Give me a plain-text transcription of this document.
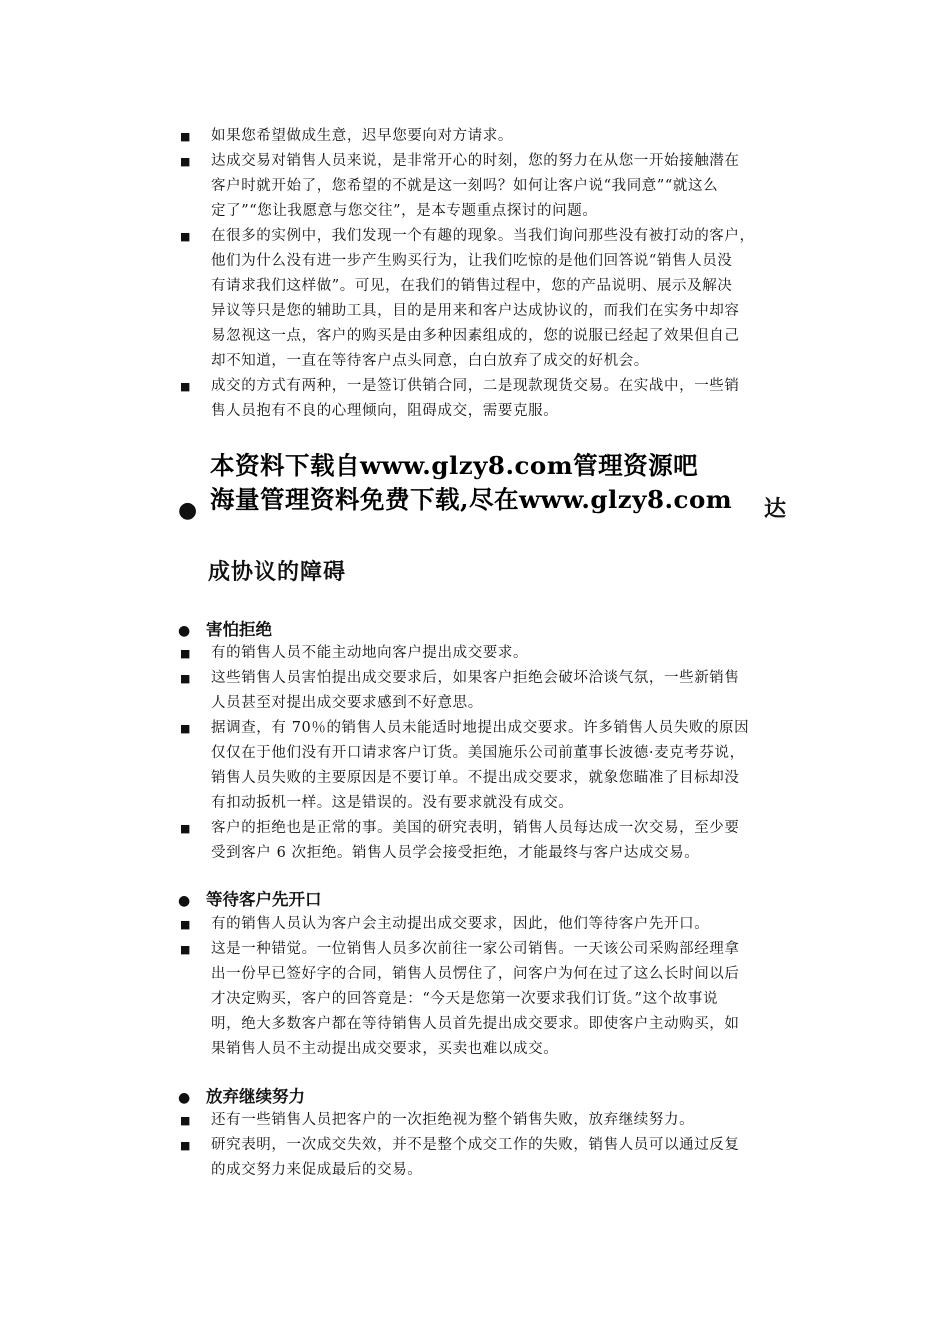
■	如果您希望做成生意，迟早您要向对方请求。
■	达成交易对销售人员来说，是非常开心的时刻，您的努力在从您一开始接触潜在
客户时就开始了，您希望的不就是这一刻吗？如何让客户说“我同意”“就这么
定了”“您让我愿意与您交往”，是本专题重点探讨的问题。
■	在很多的实例中，我们发现一个有趣的现象。当我们询问那些没有被打动的客户，
他们为什么没有进一步产生购买行为，让我们吃惊的是他们回答说“销售人员没
有请求我们这样做”。可见，在我们的销售过程中，您的产品说明、展示及解决
异议等只是您的辅助工具，目的是用来和客户达成协议的，而我们在实务中却容
易忽视这一点，客户的购买是由多种因素组成的，您的说服已经起了效果但自己
却不知道，一直在等待客户点头同意，白白放弃了成交的好机会。
■	成交的方式有两种，一是签订供销合同，二是现款现货交易。在实战中，一些销
售人员抱有不良的心理倾向，阻碍成交，需要克服。
本资料下载自www.glzy8.com管理资源吧
海量管理资料免费下载,尽在www.glzy8.com
●	达
成协议的障碍
● 害怕拒绝
■	有的销售人员不能主动地向客户提出成交要求。
■	这些销售人员害怕提出成交要求后，如果客户拒绝会破坏洽谈气氛，一些新销售
人员甚至对提出成交要求感到不好意思。
■	据调查，有 70％的销售人员未能适时地提出成交要求。许多销售人员失败的原因
仅仅在于他们没有开口请求客户订货。美国施乐公司前董事长波德·麦克考芬说，
销售人员失败的主要原因是不要订单。不提出成交要求，就象您瞄准了目标却没
有扣动扳机一样。这是错误的。没有要求就没有成交。
■	客户的拒绝也是正常的事。美国的研究表明，销售人员每达成一次交易，至少要
受到客户 6 次拒绝。销售人员学会接受拒绝，才能最终与客户达成交易。
● 等待客户先开口
■	有的销售人员认为客户会主动提出成交要求，因此，他们等待客户先开口。
■	这是一种错觉。一位销售人员多次前往一家公司销售。一天该公司采购部经理拿
出一份早已签好字的合同，销售人员愣住了，问客户为何在过了这么长时间以后
才决定购买，客户的回答竟是：“今天是您第一次要求我们订货。”这个故事说
明，绝大多数客户都在等待销售人员首先提出成交要求。即使客户主动购买，如
果销售人员不主动提出成交要求，买卖也难以成交。
● 放弃继续努力
■	还有一些销售人员把客户的一次拒绝视为整个销售失败，放弃继续努力。
■	研究表明，一次成交失效，并不是整个成交工作的失败，销售人员可以通过反复
的成交努力来促成最后的交易。
